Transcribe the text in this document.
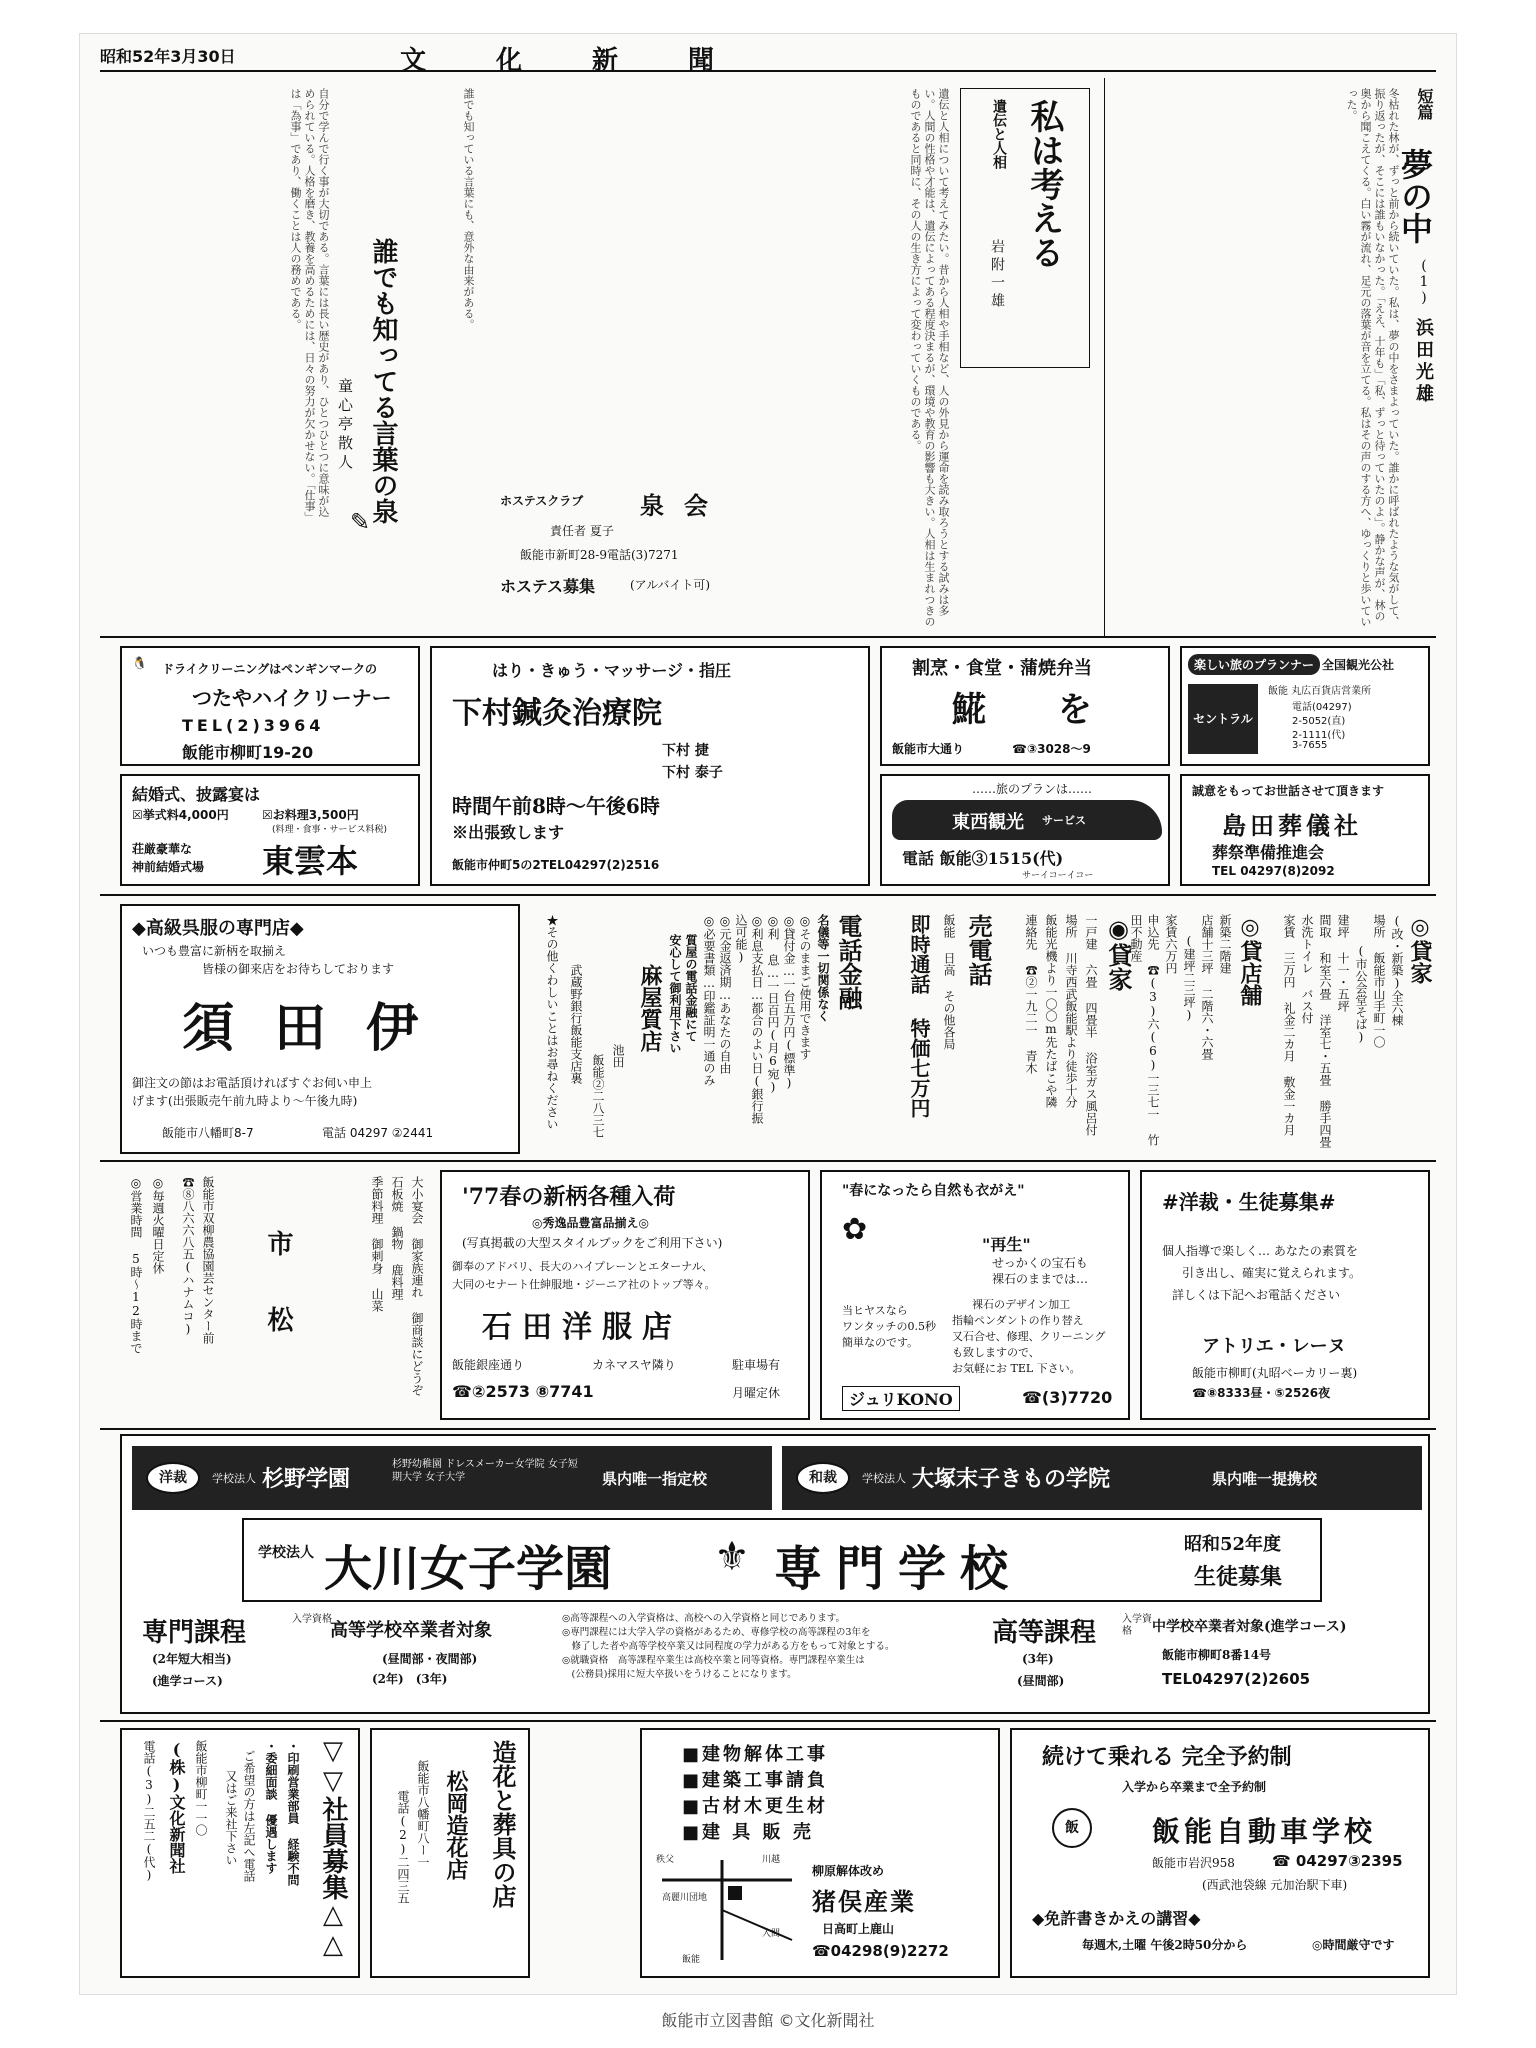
昭和52年3月30日	文化新聞
短篇
夢の中
(1)
浜田光雄
冬枯れた林が、ずっと前から続いていた。私は、夢の中をさまよっていた。誰かに呼ばれたような気がして、振り返ったが、そこには誰もいなかった。「ええ、十年も」「私、ずっと待っていたのよ」。静かな声が、林の奥から聞こえてくる。白い霧が流れ、足元の落葉が音を立てる。私はその声のする方へ、ゆっくりと歩いていった。
私は考える
遺伝と人相
岩附一雄
遺伝と人相について考えてみたい。昔から人相や手相など、人の外見から運命を読み取ろうとする試みは多い。人間の性格や才能は、遺伝によってある程度決まるが、環境や教育の影響も大きい。人相は生まれつきのものであると同時に、その人の生き方によって変わっていくものである。
誰でも知ってる言葉の泉
童心亭散人
自分で学んで行く事が大切である。言葉には長い歴史があり、ひとつひとつに意味が込められている。人格を磨き、教養を高めるためには、日々の努力が欠かせない。「仕事」は「為事」であり、働くことは人の務めである。	誰でも知っている言葉にも、意外な由来がある。
✎
ホステスクラブ 泉会
責任者 夏子
飯能市新町28-9電話(3)7271
ホステス募集	(アルバイト可)
🐧 ドライクリーニングはペンギンマークの
つたやハイクリーナー
TEL(2)3964
飯能市柳町19-20
はり・きゅう・マッサージ・指圧
下村鍼灸治療院
下村 捷
下村 泰子
時間午前8時～午後6時
※出張致します
飯能市仲町5の2TEL04297(2)2516
割烹・食堂・蒲焼弁当
𩸽 を
飯能市大通り	☎③3028～9
楽しい旅のプランナー 全国観光公社
セントラル
飯能 丸広百貨店営業所
電話(04297)
2-5052(直)
2-1111(代)
3-7655
結婚式、披露宴は
☒挙式料4,000円	☒お料理3,500円
(料理・食事・サービス料税)
荘厳豪華な
神前結婚式場 東雲本
……旅のプランは……
東西観光 サービス
電話 飯能③1515(代)
サーイコーイコー
誠意をもってお世話させて頂きます
島田葬儀社
葬祭準備推進会
TEL 04297(8)2092
◆高級呉服の専門店◆
いつも豊富に新柄を取揃え
皆様の御来店をお待ちしております
須田伊
御注文の節はお電話頂ければすぐお伺い申上
げます(出張販売午前九時より～午後九時)
飯能市八幡町8-7	電話 04297 ②2441
麻屋質店
★その他くわしいことはお尋ねください 武蔵野銀行飯能支店裏
飯能②二八三七 池田
電話金融
名儀等一切関係なく
◎そのままご使用できます
◎貸付金…一台五万円(標準)
◎利 息…一日百円(月6宛)
◎利息支払日…都合のよい日(銀行振
込可能)
◎元金返済期…あなたの自由
◎必要書類…印鑑証明一通のみ
質屋の電話金融にて
安心して御利用下さい	売電話
飯能 日高 その他各局
即時通話 特価七万円	◉貸家
一戸建 六畳 四畳半 浴室ガス風呂付
場所 川寺西武飯能駅より徒歩十分
飯能光機より一〇〇m先たばこや隣
連絡先 ☎②一九二一 青木	◎貸店舗
新築二階建
店舗十三坪 二階六・六畳
(建坪二三坪)
家賃六万円
申込先 ☎(3)六(6)一三七一 竹田不動産	◎貸家
(改・新築)全六棟
場所 飯能市山手町一〇
(市公会堂そば)
建坪 十一・五坪
間取 和室六畳 洋室七・五畳 勝手四畳
水洗トイレ バス付
家賃 三万円 礼金二カ月 敷金一カ月
市松	大小宴会 御家族連れ 御商談にどうぞ
石板焼 鍋物 鹿料理
季節料理 御刺身 山菜
飯能市双柳農協園芸センター前
☎⑧八六六八五(ハナムコ)
◎毎週火曜日定休
◎営業時間 5時～12時まで	'77春の新柄各種入荷
◎秀逸品豊富品揃え◎
(写真掲載の大型スタイルブックをご利用下さい)
御奉のアドバリ、長大のハイプレーンとエターナル、
大同のセナート仕紳服地・ジーニア社のトップ等々。
石田洋服店
飯能銀座通り	カネマスヤ隣り	駐車場有
☎②2573 ⑧7741	月曜定休
"春になったら自然も衣がえ"
✿	"再生"
せっかくの宝石も
裸石のままでは…
裸石のデザイン加工
指輪ペンダントの作り替え
又石合せ、修理、クリーニング
も致しますので、
お気軽にお TEL 下さい。
当ヒヤスなら
ワンタッチの0.5秒
簡単なのです。
ジュリKONO	☎(3)7720
#洋裁・生徒募集#
個人指導で楽しく… あなたの素質を
引き出し、確実に覚えられます。
詳しくは下記へお電話ください
アトリエ・レーヌ
飯能市柳町(丸昭ベーカリー裏)
☎⑧8333昼・⑤2526夜
洋裁	学校法人 杉野学園
杉野幼稚園 ドレスメーカー女学院 女子短期大学 女子大学	県内唯一指定校	和裁	学校法人 大塚末子きもの学院	県内唯一提携校
学校法人 大川女子学園	⚜ 専門学校	昭和52年度
生徒募集
専門課程	入学資格
高等学校卒業者対象
(2年短大相当)
(進学コース)
(昼間部・夜間部)
(2年)　(3年)
◎高等課程への入学資格は、高校への入学資格と同じであります。
◎専門課程には大学入学の資格があるため、専修学校の高等課程の3年を
　修了した者や高等学校卒業又は同程度の学力がある方をもって対象とする。
◎就職資格　高等課程卒業生は高校卒業と同等資格。専門課程卒業生は
　(公務員)採用に短大卒扱いをうけることになります。
高等課程	入学資格	中学校卒業者対象(進学コース)
(3年)
(昼間部)
飯能市柳町8番14号
TEL04297(2)2605
▽▽社員募集△△
・印刷営業部員 経験不問
・委細面談 優遇します
ご希望の方は左記へ電話
又はご来社下さい
飯能市柳町一一〇
(株)文化新聞社
電話(3)二五二(代)	造花と葬具の店
松岡造花店
飯能市八幡町八ー一
電話(2)二四三五
■建物解体工事
■建築工事請負
■古材木更生材
■建 具 販 売
秩父	川越
高麗川団地
入間
飯能
柳原解体改め
猪俣産業
日高町上鹿山
☎04298(9)2272
続けて乗れる 完全予約制
入学から卒業まで全予約制
飯	飯能自動車学校
飯能市岩沢958 ☎ 04297③2395
(西武池袋線 元加治駅下車)
◆免許書きかえの講習◆
毎週木,土曜 午後2時50分から	◎時間厳守です
飯能市立図書館 ©文化新聞社
